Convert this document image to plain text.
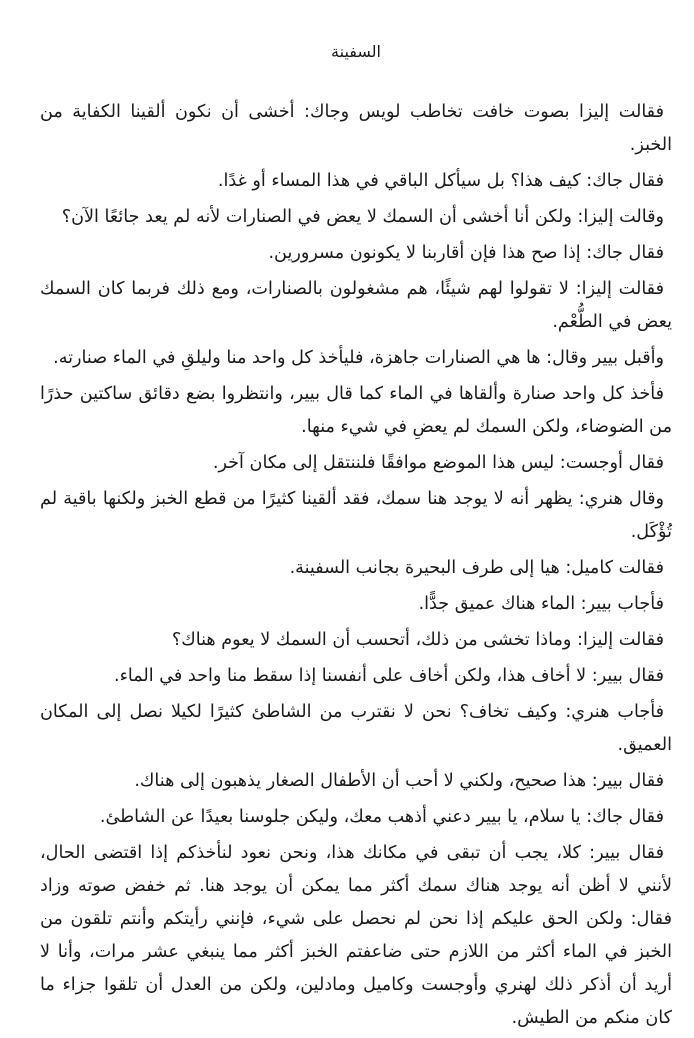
السفينة

فقالت إليزا بصوت خافت تخاطب لويس وجاك: أخشى أن نكون ألقينا الكفاية من الخبز.

فقال جاك: كيف هذا؟ بل سيأكل الباقي في هذا المساء أو غدًا.

وقالت إليزا: ولكن أنا أخشى أن السمك لا يعض في الصنارات لأنه لم يعد جائعًا الآن؟

فقال جاك: إذا صح هذا فإن أقاربنا لا يكونون مسرورين.

فقالت إليزا: لا تقولوا لهم شيئًا، هم مشغولون بالصنارات، ومع ذلك فربما كان السمك يعض في الطُّعْم.

وأقبل بيير وقال: ها هي الصنارات جاهزة، فليأخذ كل واحد منا وليلقِ في الماء صنارته.

فأخذ كل واحد صنارة وألقاها في الماء كما قال بيير، وانتظروا بضع دقائق ساكتين حذرًا من الضوضاء، ولكن السمك لم يعضِ في شيء منها.

فقال أوجست: ليس هذا الموضع موافقًا فلننتقل إلى مكان آخر.

وقال هنري: يظهر أنه لا يوجد هنا سمك، فقد ألقينا كثيرًا من قطع الخبز ولكنها باقية لم تُؤْكَل.

فقالت كاميل: هيا إلى طرف البحيرة بجانب السفينة.

فأجاب بيير: الماء هناك عميق جدًّا.

فقالت إليزا: وماذا تخشى من ذلك، أتحسب أن السمك لا يعوم هناك؟

فقال بيير: لا أخاف هذا، ولكن أخاف على أنفسنا إذا سقط منا واحد في الماء.

فأجاب هنري: وكيف تخاف؟ نحن لا نقترب من الشاطئ كثيرًا لكيلا نصل إلى المكان العميق.

فقال بيير: هذا صحيح، ولكني لا أحب أن الأطفال الصغار يذهبون إلى هناك.

فقال جاك: يا سلام، يا بيير دعني أذهب معك، وليكن جلوسنا بعيدًا عن الشاطئ.

فقال بيير: كلا، يجب أن تبقى في مكانك هذا، ونحن نعود لنأخذكم إذا اقتضى الحال، لأنني لا أظن أنه يوجد هناك سمك أكثر مما يمكن أن يوجد هنا. ثم خفض صوته وزاد فقال: ولكن الحق عليكم إذا نحن لم نحصل على شيء، فإنني رأيتكم وأنتم تلقون من الخبز في الماء أكثر من اللازم حتى ضاعفتم الخبز أكثر مما ينبغي عشر مرات، وأنا لا أريد أن أذكر ذلك لهنري وأوجست وكاميل ومادلين، ولكن من العدل أن تلقوا جزاء ما كان منكم من الطيش.
